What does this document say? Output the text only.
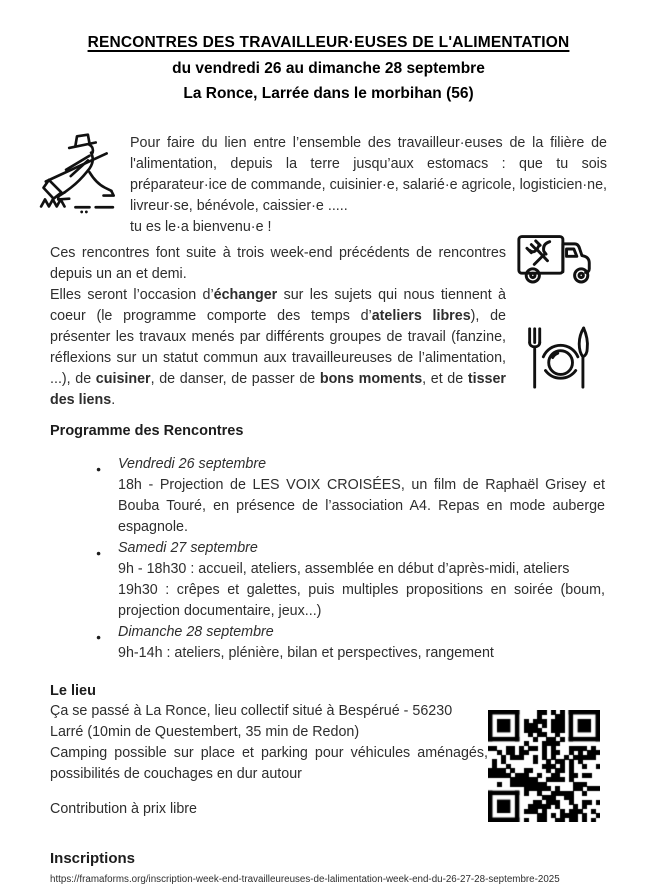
RENCONTRES DES TRAVAILLEUR·EUSES DE L'ALIMENTATION
du vendredi 26 au dimanche 28 septembre
La Ronce, Larrée dans le morbihan (56)
Pour faire du lien entre l’ensemble des travailleur·euses de la filière de l'alimentation, depuis la terre jusqu’aux estomacs : que tu sois préparateur·ice de commande, cuisinier·e, salarié·e agricole, logisticien·ne, livreur·se, bénévole, caissier·e .....
tu es le·a bienvenu·e !
Ces rencontres font suite à trois week-end précédents de rencontres depuis un an et demi.
Elles seront l’occasion d’échanger sur les sujets qui nous tiennent à coeur (le programme comporte des temps d’ateliers libres), de présenter les travaux menés par différents groupes de travail (fanzine, réflexions sur un statut commun aux travailleureuses de l’alimentation, ...), de cuisiner, de danser, de passer de bons moments, et de tisser des liens.
Programme des Rencontres
● Vendredi 26 septembre
18h - Projection de LES VOIX CROISÉES, un film de Raphaël Grisey et Bouba Touré, en présence de l’association A4. Repas en mode auberge espagnole.
● Samedi 27 septembre
9h - 18h30 : accueil, ateliers, assemblée en début d’après-midi, ateliers
19h30 : crêpes et galettes, puis multiples propositions en soirée (boum, projection documentaire, jeux...)
● Dimanche 28 septembre
9h-14h : ateliers, plénière, bilan et perspectives, rangement
Le lieu
Ça se passé à La Ronce, lieu collectif situé à Bespérué - 56230 Larré (10min de Questembert, 35 min de Redon)
Camping possible sur place et parking pour véhicules aménagés, possibilités de couchages en dur autour
Contribution à prix libre
Inscriptions
https://framaforms.org/inscription-week-end-travailleureuses-de-lalimentation-week-end-du-26-27-28-septembre-2025
